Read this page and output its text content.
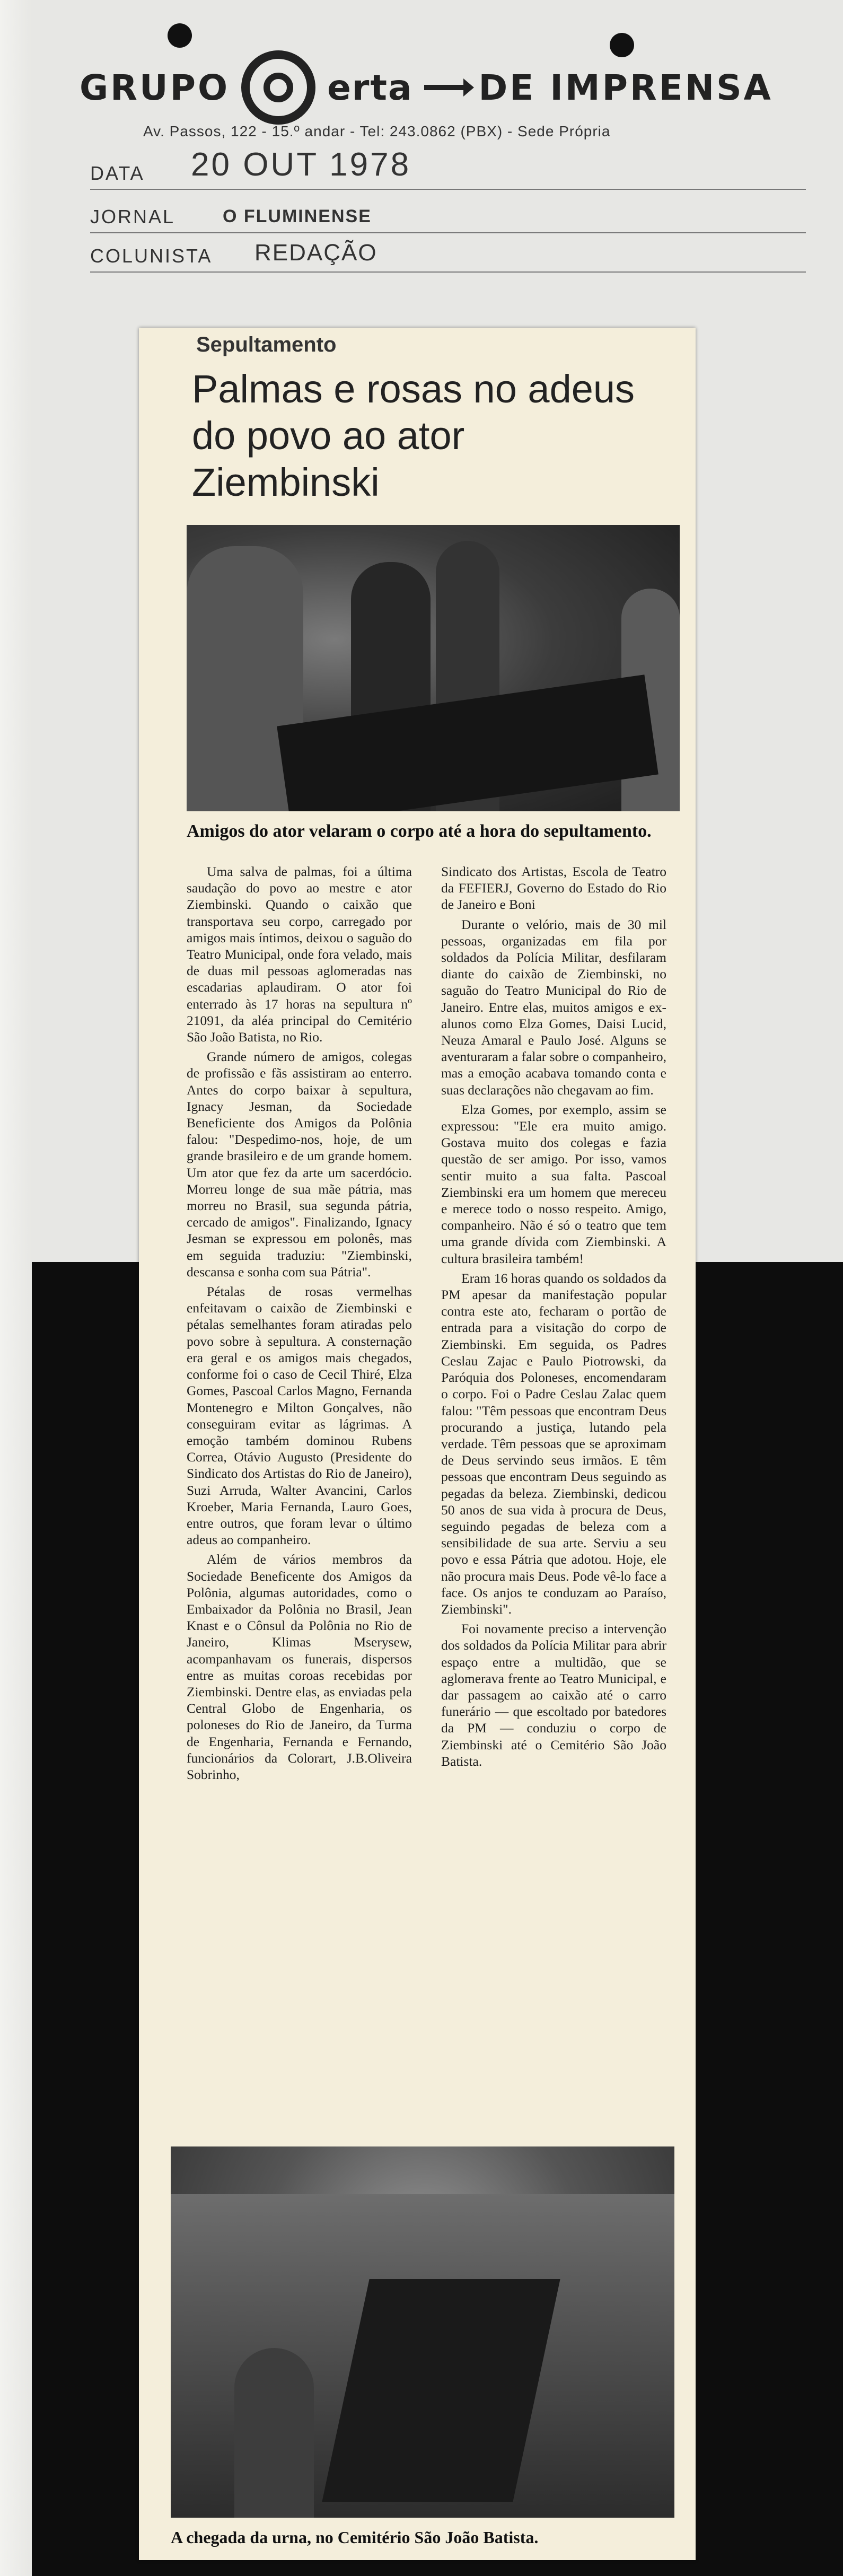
GRUPO	erta DE IMPRENSA
Av. Passos, 122 - 15.º andar - Tel: 243.0862 (PBX) - Sede Própria
DATA 20 OUT 1978
JORNAL	O FLUMINENSE
COLUNISTA REDAÇÃO
Sepultamento
Palmas e rosas no adeus do povo ao ator Ziembinski
Amigos do ator velaram o corpo até a hora do sepultamento.

Uma salva de palmas, foi a última saudação do povo ao mestre e ator Ziembinski. Quando o caixão que transportava seu corpo, carregado por amigos mais íntimos, deixou o saguão do Teatro Municipal, onde fora velado, mais de duas mil pessoas aglomeradas nas escadarias aplaudiram. O ator foi enterrado às 17 horas na sepultura nº 21091, da aléa principal do Cemitério São João Batista, no Rio.

Grande número de amigos, colegas de profissão e fãs assistiram ao enterro. Antes do corpo baixar à sepultura, Ignacy Jesman, da Sociedade Beneficiente dos Amigos da Polônia falou: "Despedimo-nos, hoje, de um grande brasileiro e de um grande homem. Um ator que fez da arte um sacerdócio. Morreu longe de sua mãe pátria, mas morreu no Brasil, sua segunda pátria, cercado de amigos". Finalizando, Ignacy Jesman se expressou em polonês, mas em seguida traduziu: "Ziembinski, descansa e sonha com sua Pátria".

Pétalas de rosas vermelhas enfeitavam o caixão de Ziembinski e pétalas semelhantes foram atiradas pelo povo sobre à sepultura. A consternação era geral e os amigos mais chegados, conforme foi o caso de Cecil Thiré, Elza Gomes, Pascoal Carlos Magno, Fernanda Montenegro e Milton Gonçalves, não conseguiram evitar as lágrimas. A emoção também dominou Rubens Correa, Otávio Augusto (Presidente do Sindicato dos Artistas do Rio de Janeiro), Suzi Arruda, Walter Avancini, Carlos Kroeber, Maria Fernanda, Lauro Goes, entre outros, que foram levar o último adeus ao companheiro.

Além de vários membros da Sociedade Beneficente dos Amigos da Polônia, algumas autoridades, como o Embaixador da Polônia no Brasil, Jean Knast e o Cônsul da Polônia no Rio de Janeiro, Klimas Mserysew, acompanhavam os funerais, dispersos entre as muitas coroas recebidas por Ziembinski. Dentre elas, as enviadas pela Central Globo de Engenharia, os poloneses do Rio de Janeiro, da Turma de Engenharia, Fernanda e Fernando, funcionários da Colorart, J.B.Oliveira Sobrinho,

Sindicato dos Artistas, Escola de Teatro da FEFIERJ, Governo do Estado do Rio de Janeiro e Boni

Durante o velório, mais de 30 mil pessoas, organizadas em fila por soldados da Polícia Militar, desfilaram diante do caixão de Ziembinski, no saguão do Teatro Municipal do Rio de Janeiro. Entre elas, muitos amigos e ex-alunos como Elza Gomes, Daisi Lucid, Neuza Amaral e Paulo José. Alguns se aventuraram a falar sobre o companheiro, mas a emoção acabava tomando conta e suas declarações não chegavam ao fim.

Elza Gomes, por exemplo, assim se expressou: "Ele era muito amigo. Gostava muito dos colegas e fazia questão de ser amigo. Por isso, vamos sentir muito a sua falta. Pascoal Ziembinski era um homem que mereceu e merece todo o nosso respeito. Amigo, companheiro. Não é só o teatro que tem uma grande dívida com Ziembinski. A cultura brasileira também!

Eram 16 horas quando os soldados da PM apesar da manifestação popular contra este ato, fecharam o portão de entrada para a visitação do corpo de Ziembinski. Em seguida, os Padres Ceslau Zajac e Paulo Piotrowski, da Paróquia dos Poloneses, encomendaram o corpo. Foi o Padre Ceslau Zalac quem falou: "Têm pessoas que encontram Deus procurando a justiça, lutando pela verdade. Têm pessoas que se aproximam de Deus servindo seus irmãos. E têm pessoas que encontram Deus seguindo as pegadas da beleza. Ziembinski, dedicou 50 anos de sua vida à procura de Deus, seguindo pegadas de beleza com a sensibilidade de sua arte. Serviu a seu povo e essa Pátria que adotou. Hoje, ele não procura mais Deus. Pode vê-lo face a face. Os anjos te conduzam ao Paraíso, Ziembinski".

Foi novamente preciso a intervenção dos soldados da Polícia Militar para abrir espaço entre a multidão, que se aglomerava frente ao Teatro Municipal, e dar passagem ao caixão até o carro funerário — que escoltado por batedores da PM — conduziu o corpo de Ziembinski até o Cemitério São João Batista.

A chegada da urna, no Cemitério São João Batista.
